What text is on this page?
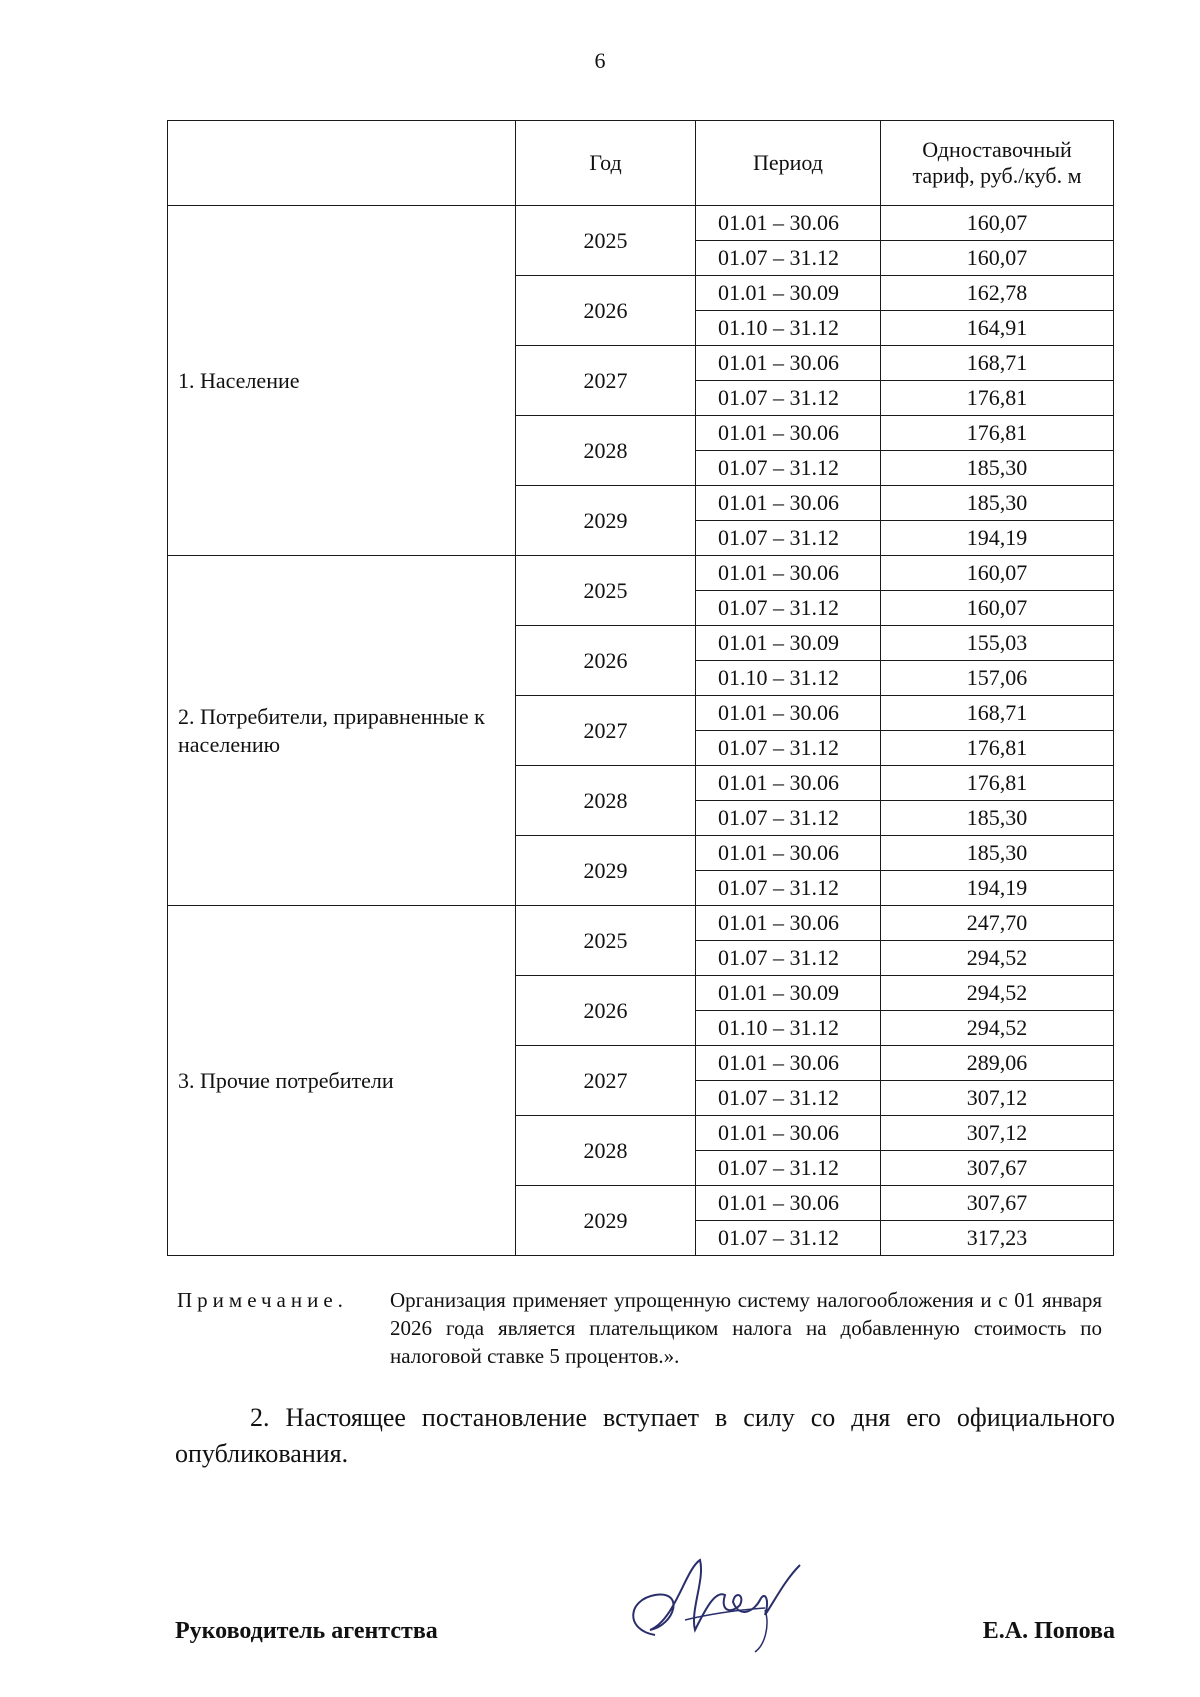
6
	Год	Период	Одноставочный тариф, руб./куб. м
1. Население	2025	01.01 – 30.06	160,07
		01.07 – 31.12	160,07
	2026	01.01 – 30.09	162,78
		01.10 – 31.12	164,91
	2027	01.01 – 30.06	168,71
		01.07 – 31.12	176,81
	2028	01.01 – 30.06	176,81
		01.07 – 31.12	185,30
	2029	01.01 – 30.06	185,30
		01.07 – 31.12	194,19
2. Потребители, приравненные к населению	2025	01.01 – 30.06	160,07
		01.07 – 31.12	160,07
	2026	01.01 – 30.09	155,03
		01.10 – 31.12	157,06
	2027	01.01 – 30.06	168,71
		01.07 – 31.12	176,81
	2028	01.01 – 30.06	176,81
		01.07 – 31.12	185,30
	2029	01.01 – 30.06	185,30
		01.07 – 31.12	194,19
3. Прочие потребители	2025	01.01 – 30.06	247,70
		01.07 – 31.12	294,52
	2026	01.01 – 30.09	294,52
		01.10 – 31.12	294,52
	2027	01.01 – 30.06	289,06
		01.07 – 31.12	307,12
	2028	01.01 – 30.06	307,12
		01.07 – 31.12	307,67
	2029	01.01 – 30.06	307,67
		01.07 – 31.12	317,23
Примечание. Организация применяет упрощенную систему налогообложения и с 01 января 2026 года является плательщиком налога на добавленную стоимость по налоговой ставке 5 процентов.».
2. Настоящее постановление вступает в силу со дня его официального опубликования.
Руководитель агентства	Е.А. Попова
